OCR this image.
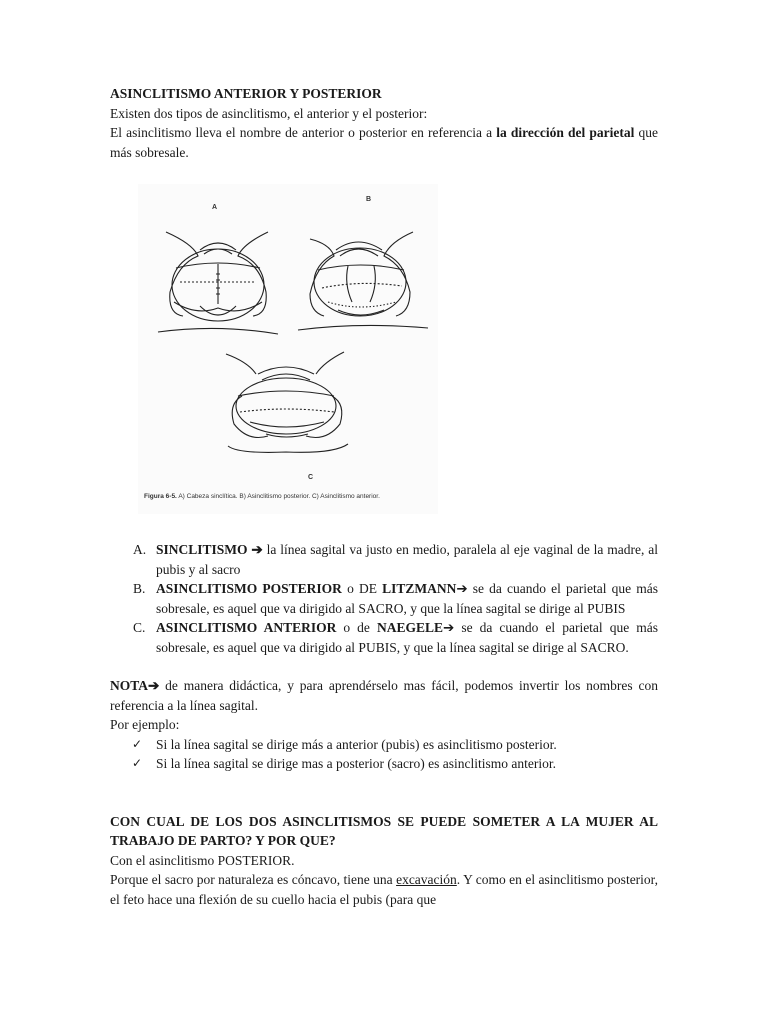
ASINCLITISMO ANTERIOR Y POSTERIOR

Existen dos tipos de asinclitismo, el anterior y el posterior:

El asinclitismo lleva el nombre de anterior o posterior en referencia a la dirección del parietal que más sobresale.

A
B
C
Figura 6-5. A) Cabeza sinclítica. B) Asinclitismo posterior. C) Asinclitismo anterior.
A. SINCLITISMO ➔ la línea sagital va justo en medio, paralela al eje vaginal de la madre, al pubis y al sacro
B. ASINCLITISMO POSTERIOR o DE LITZMANN➔ se da cuando el parietal que más sobresale, es aquel que va dirigido al SACRO, y que la línea sagital se dirige al PUBIS
C. ASINCLITISMO ANTERIOR o de NAEGELE➔ se da cuando el parietal que más sobresale, es aquel que va dirigido al PUBIS, y que la línea sagital se dirige al SACRO.

NOTA➔ de manera didáctica, y para aprendérselo mas fácil, podemos invertir los nombres con referencia a la línea sagital.

Por ejemplo:

✓ Si la línea sagital se dirige más a anterior (pubis) es asinclitismo posterior.
✓ Si la línea sagital se dirige mas a posterior (sacro) es asinclitismo anterior.

CON CUAL DE LOS DOS ASINCLITISMOS SE PUEDE SOMETER A LA MUJER AL TRABAJO DE PARTO? Y POR QUE?

Con el asinclitismo POSTERIOR.

Porque el sacro por naturaleza es cóncavo, tiene una excavación. Y como en el asinclitismo posterior, el feto hace una flexión de su cuello hacia el pubis (para que
